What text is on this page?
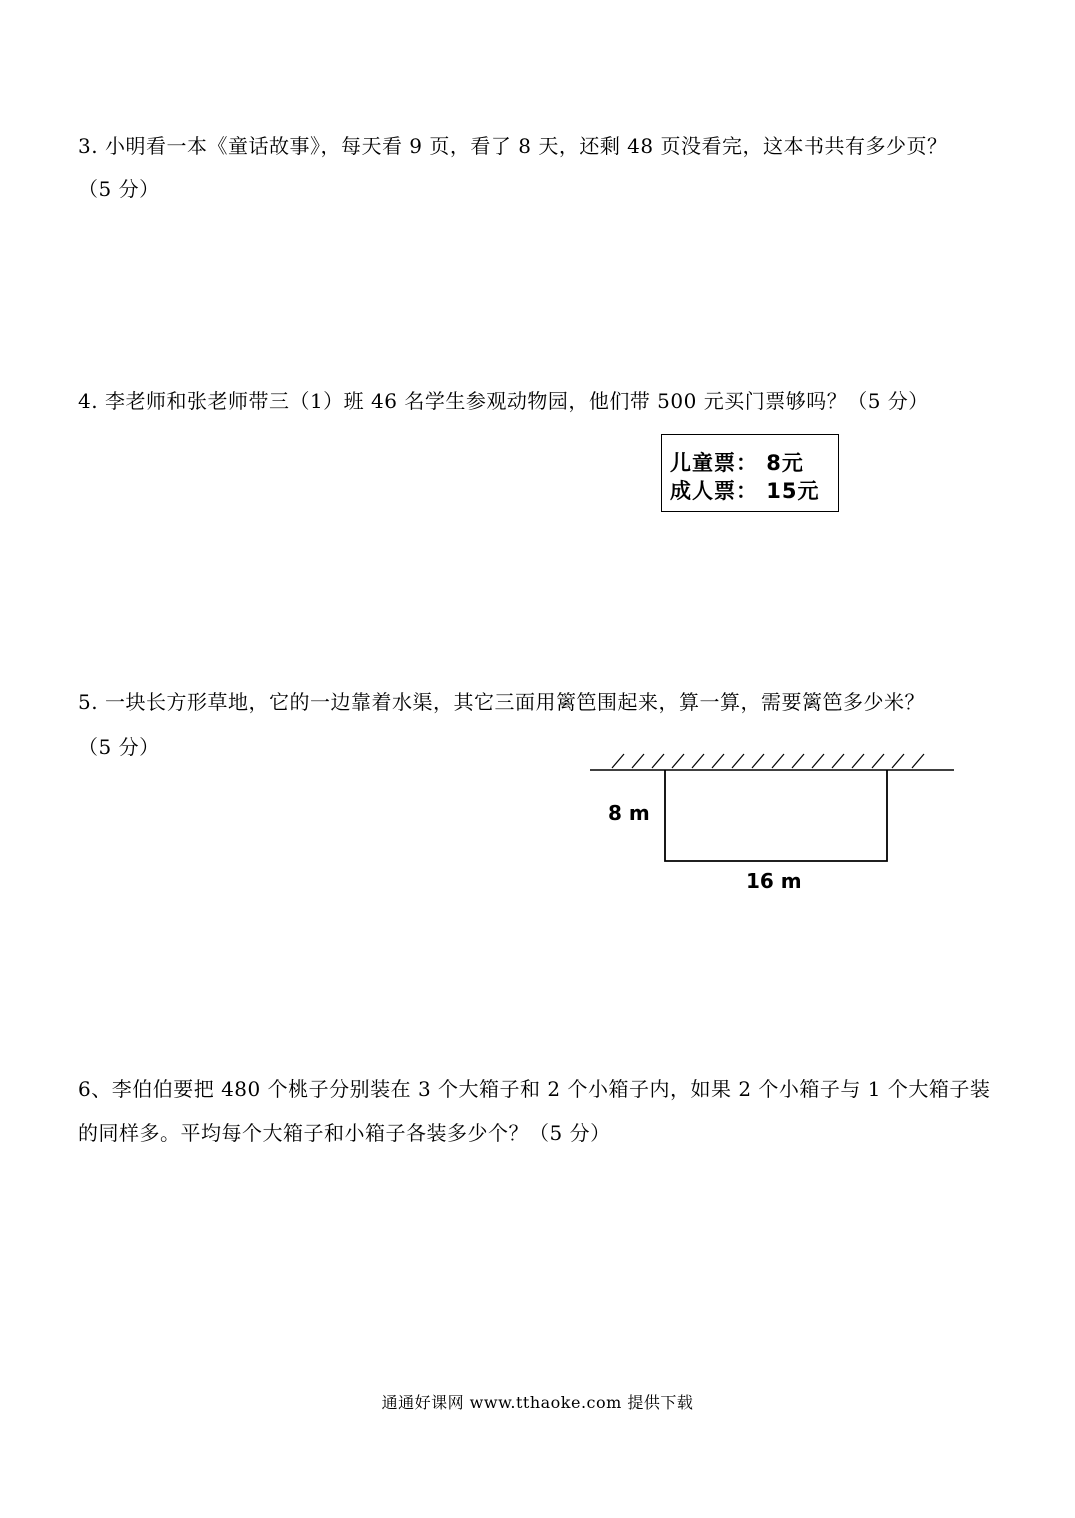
3. 小明看一本《童话故事》，每天看 9 页，看了 8 天，还剩 48 页没看完，这本书共有多少页？
（5 分）
4. 李老师和张老师带三（1）班 46 名学生参观动物园，他们带 500 元买门票够吗？（5 分）
儿童票： 8元
成人票： 15元
5. 一块长方形草地，它的一边靠着水渠，其它三面用篱笆围起来，算一算，需要篱笆多少米？
（5 分）
8 m
16 m
6、李伯伯要把 480 个桃子分别装在 3 个大箱子和 2 个小箱子内，如果 2 个小箱子与 1 个大箱子装
的同样多。平均每个大箱子和小箱子各装多少个？（5 分）
通通好课网 www.tthaoke.com 提供下载
